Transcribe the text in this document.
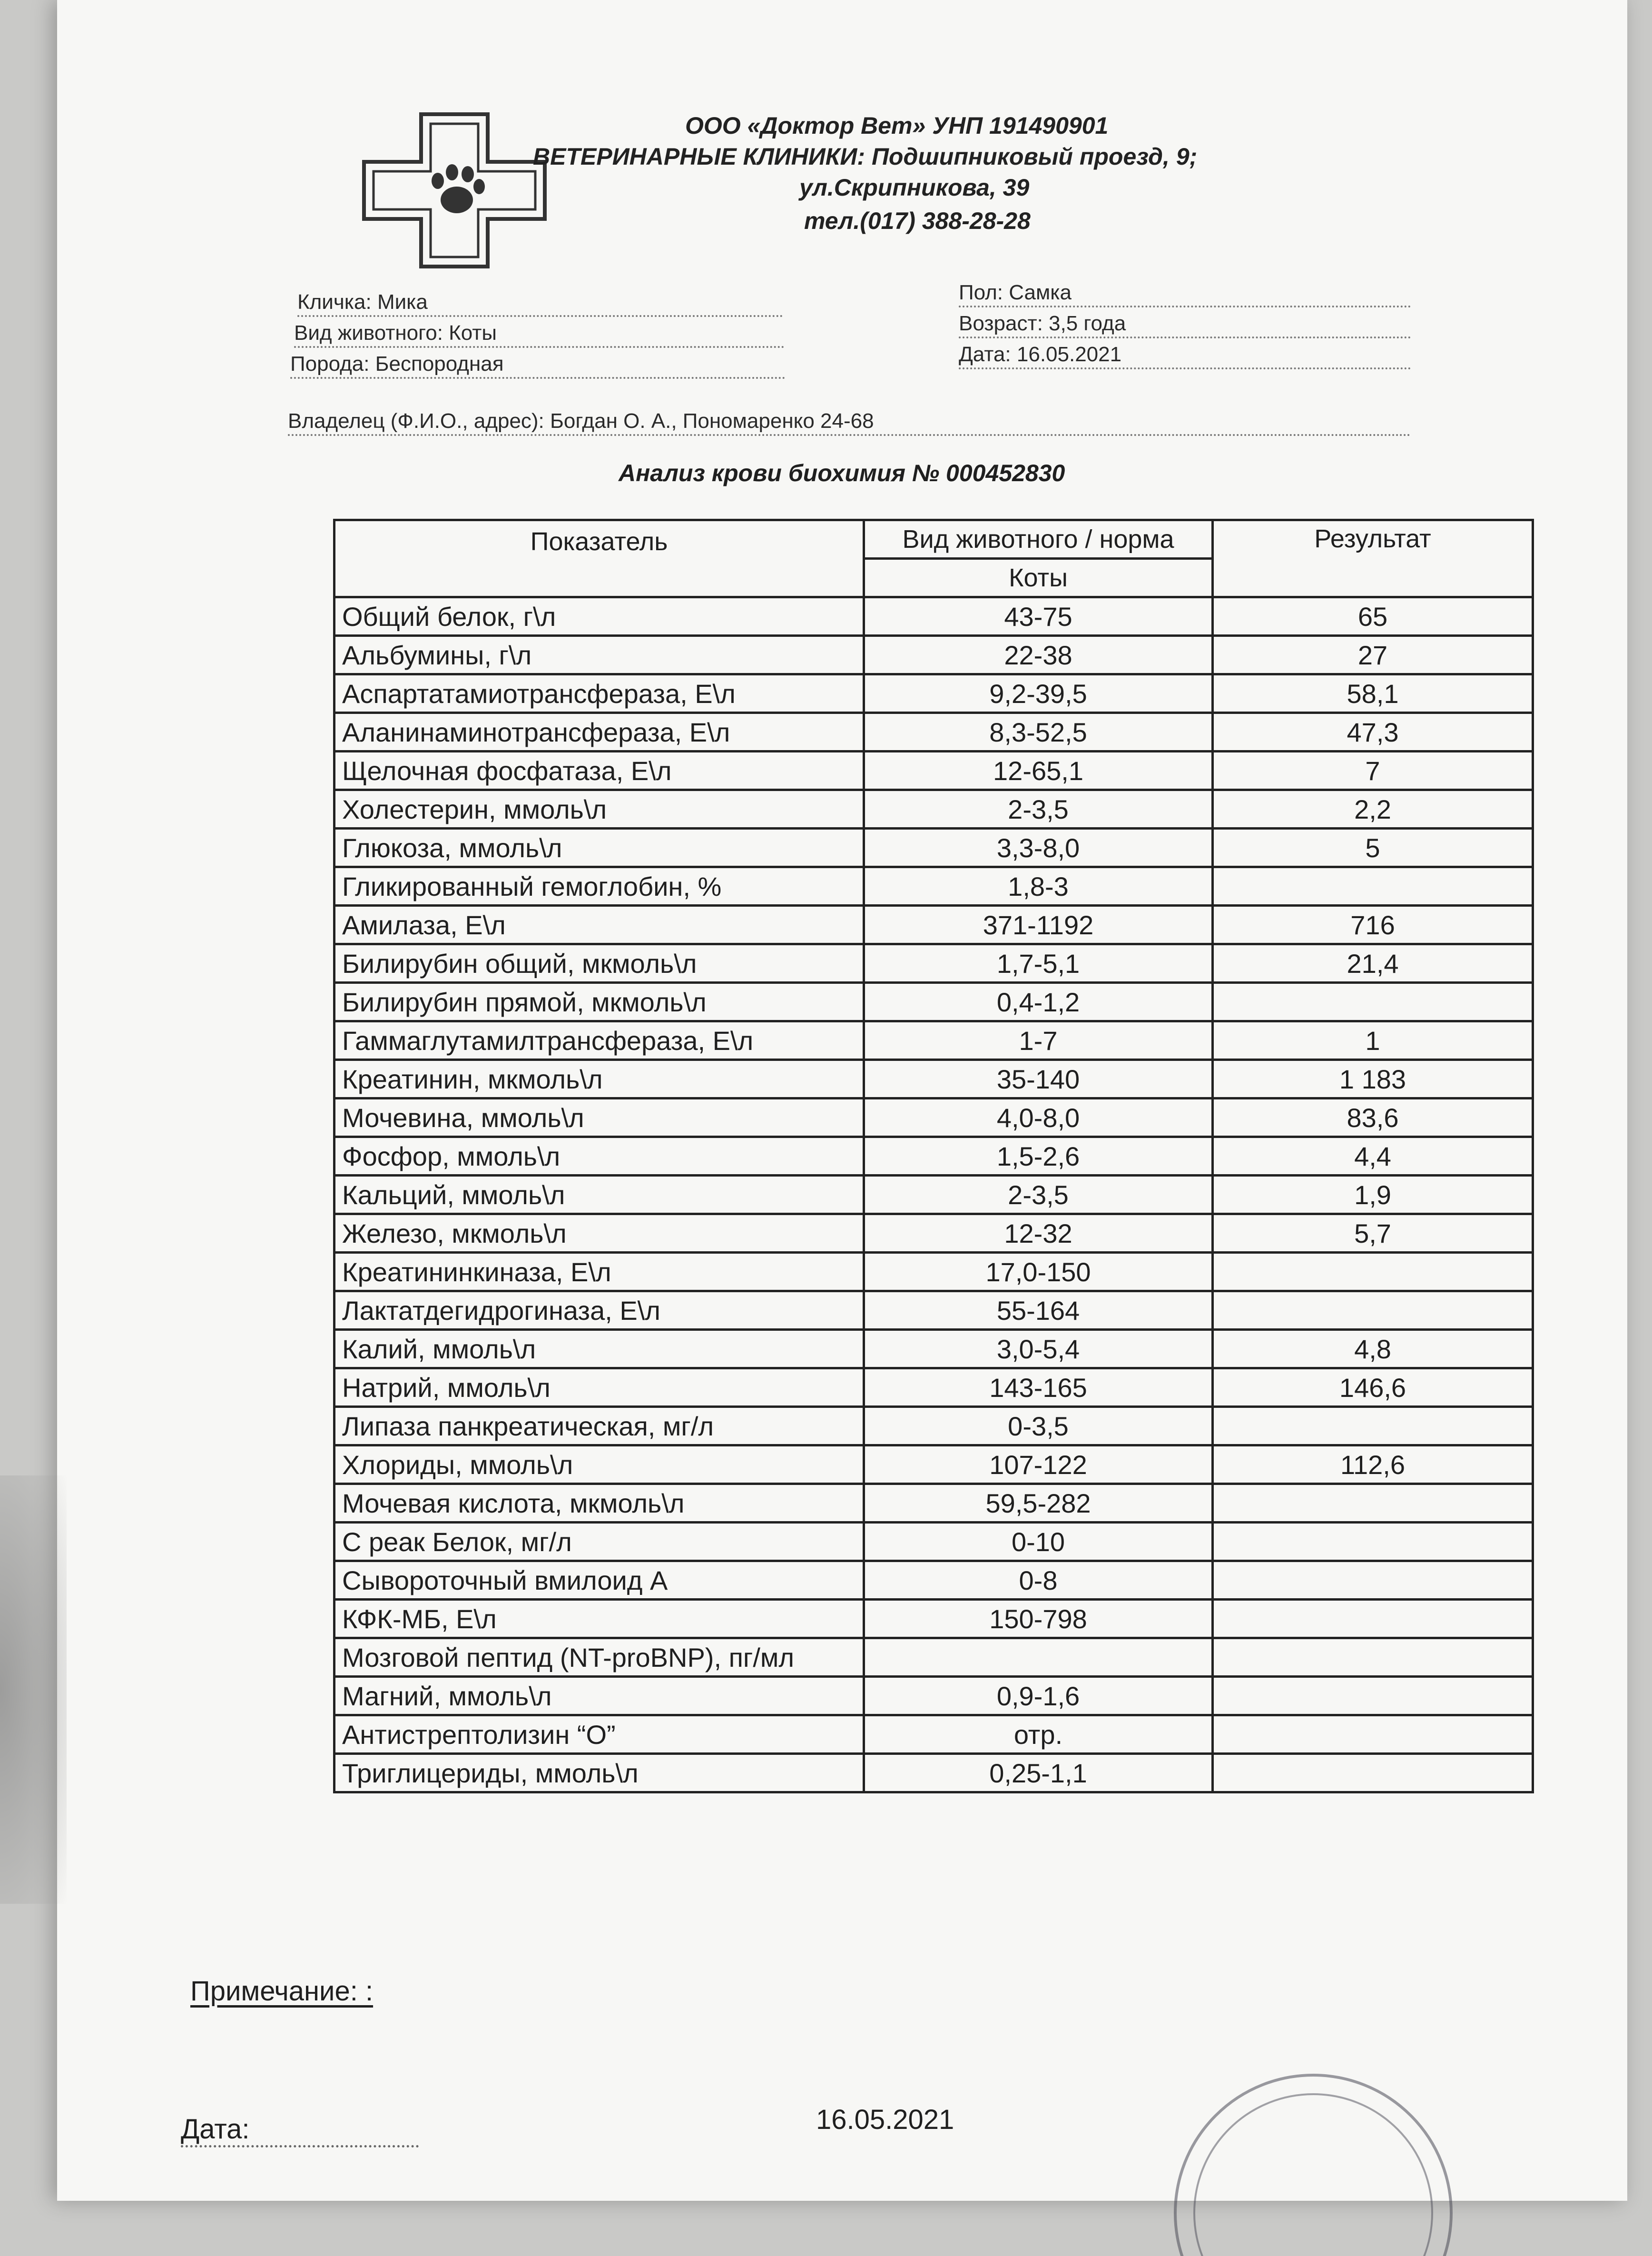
ООО «Доктор Вет» УНП 191490901
ВЕТЕРИНАРНЫЕ КЛИНИКИ: Подшипниковый проезд, 9;
ул.Скрипникова, 39
тел.(017) 388-28-28
Кличка: Мика
Вид животного: Коты
Порода: Беспородная
Пол: Самка
Возраст: 3,5 года
Дата: 16.05.2021
Владелец (Ф.И.О., адрес): Богдан О. А., Пономаренко 24-68
Анализ крови биохимия № 000452830
Показатель	Вид животного / норма	Результат
	Коты	
Общий белок, г\л	43-75	65
Альбумины, г\л	22-38	27
Аспартатамиотрансфераза, Е\л	9,2-39,5	58,1
Аланинаминотрансфераза, Е\л	8,3-52,5	47,3
Щелочная фосфатаза, Е\л	12-65,1	7
Холестерин, ммоль\л	2-3,5	2,2
Глюкоза, ммоль\л	3,3-8,0	5
Гликированный гемоглобин, %	1,8-3	
Амилаза, Е\л	371-1192	716
Билирубин общий, мкмоль\л	1,7-5,1	21,4
Билирубин прямой, мкмоль\л	0,4-1,2	
Гаммаглутамилтрансфераза, Е\л	1-7	1
Креатинин, мкмоль\л	35-140	1 183
Мочевина, ммоль\л	4,0-8,0	83,6
Фосфор, ммоль\л	1,5-2,6	4,4
Кальций, ммоль\л	2-3,5	1,9
Железо, мкмоль\л	12-32	5,7
Креатининкиназа, Е\л	17,0-150	
Лактатдегидрогиназа, Е\л	55-164	
Калий, ммоль\л	3,0-5,4	4,8
Натрий, ммоль\л	143-165	146,6
Липаза панкреатическая, мг/л	0-3,5	
Хлориды, ммоль\л	107-122	112,6
Мочевая кислота, мкмоль\л	59,5-282	
С реак Белок, мг/л	0-10	
Сывороточный вмилоид А	0-8	
КФК-МБ, Е\л	150-798	
Мозговой пептид (NT-proBNP), пг/мл		
Магний, ммоль\л	0,9-1,6	
Антистрептолизин “О”	отр.	
Триглицериды, ммоль\л	0,25-1,1	
Примечание: :
Дата:	16.05.2021
